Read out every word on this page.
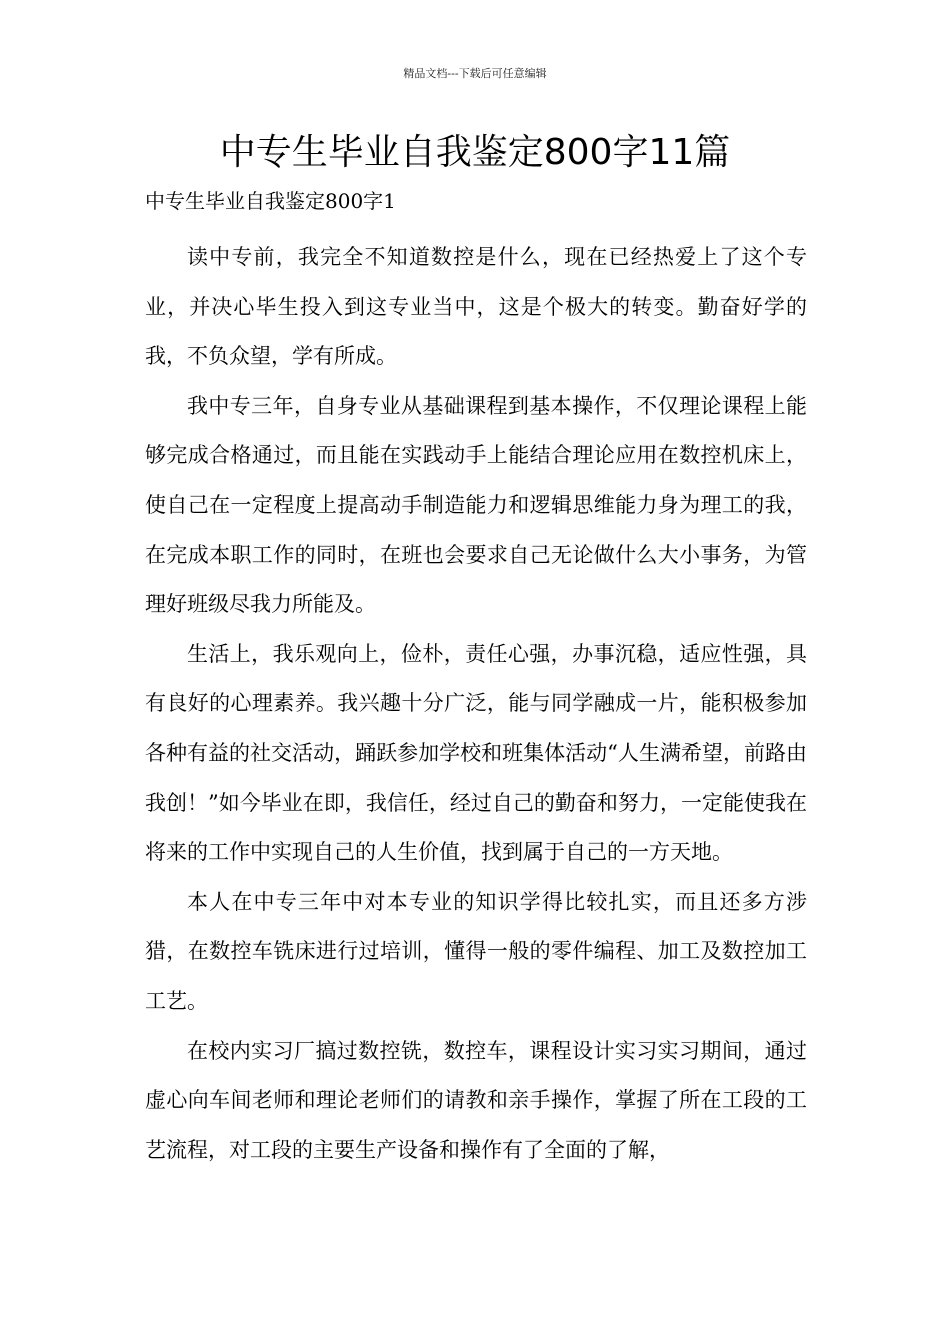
精品文档---下载后可任意编辑
中专生毕业自我鉴定800字11篇
中专生毕业自我鉴定800字1

读中专前，我完全不知道数控是什么，现在已经热爱上了这个专业，并决心毕生投入到这专业当中，这是个极大的转变。勤奋好学的我，不负众望，学有所成。

我中专三年，自身专业从基础课程到基本操作，不仅理论课程上能够完成合格通过，而且能在实践动手上能结合理论应用在数控机床上，使自己在一定程度上提高动手制造能力和逻辑思维能力身为理工的我，在完成本职工作的同时，在班也会要求自己无论做什么大小事务，为管理好班级尽我力所能及。

生活上，我乐观向上，俭朴，责任心强，办事沉稳，适应性强，具有良好的心理素养。我兴趣十分广泛，能与同学融成一片，能积极参加各种有益的社交活动，踊跃参加学校和班集体活动“人生满希望，前路由我创！”如今毕业在即，我信任，经过自己的勤奋和努力，一定能使我在将来的工作中实现自己的人生价值，找到属于自己的一方天地。

本人在中专三年中对本专业的知识学得比较扎实，而且还多方涉猎，在数控车铣床进行过培训，懂得一般的零件编程、加工及数控加工工艺。

在校内实习厂搞过数控铣，数控车，课程设计实习实习期间，通过虚心向车间老师和理论老师们的请教和亲手操作，掌握了所在工段的工艺流程，对工段的主要生产设备和操作有了全面的了解，
